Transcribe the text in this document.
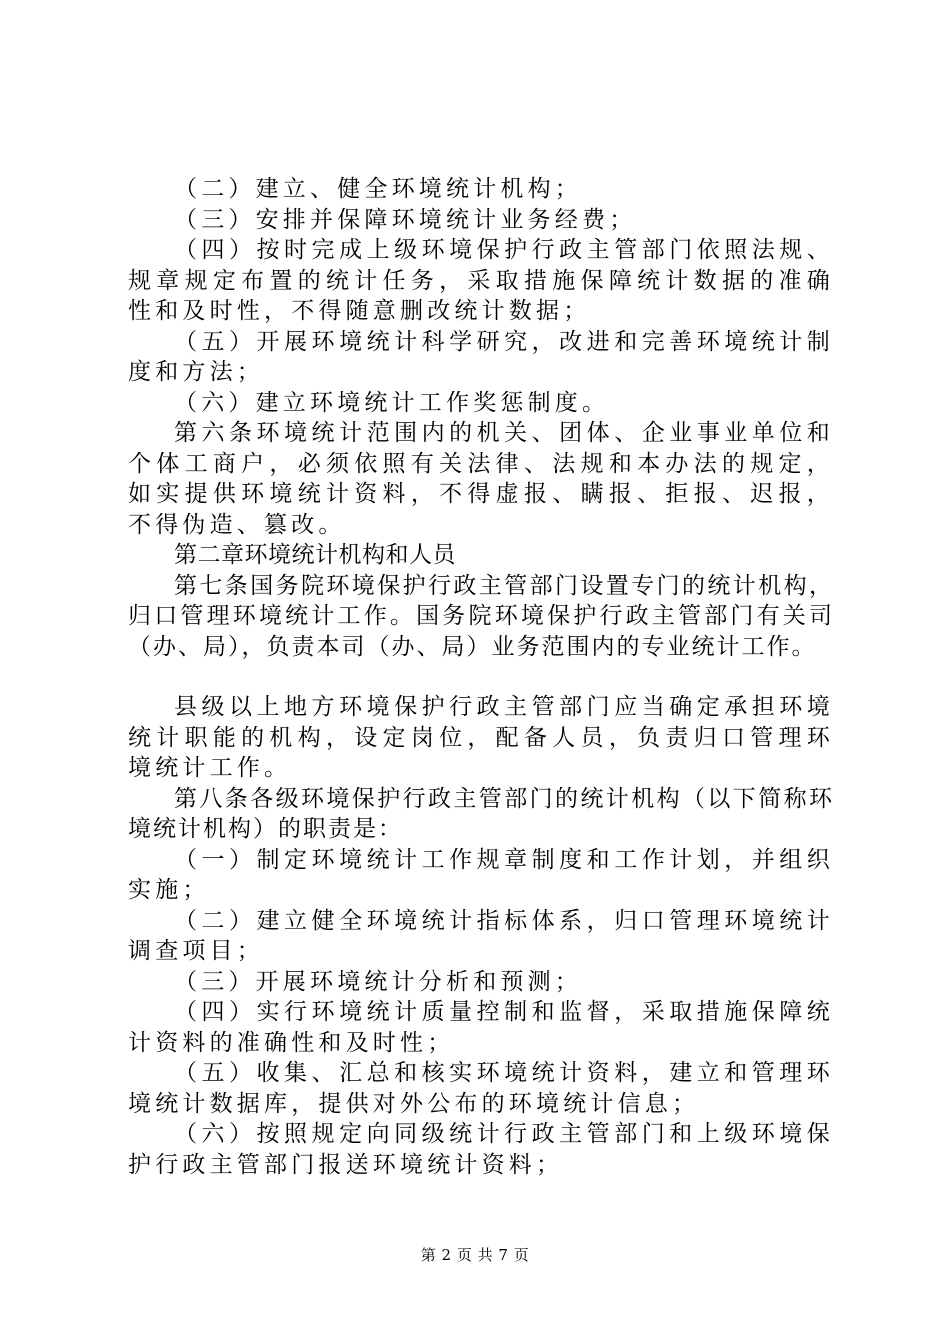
（二）建立、健全环境统计机构；

（三）安排并保障环境统计业务经费；

（四）按时完成上级环境保护行政主管部门依照法规、规章规定布置的统计任务，采取措施保障统计数据的准确性和及时性，不得随意删改统计数据；

（五）开展环境统计科学研究，改进和完善环境统计制度和方法；

（六）建立环境统计工作奖惩制度。

第六条环境统计范围内的机关、团体、企业事业单位和个体工商户，必须依照有关法律、法规和本办法的规定，如实提供环境统计资料，不得虚报、瞒报、拒报、迟报，不得伪造、篡改。

第二章环境统计机构和人员

第七条国务院环境保护行政主管部门设置专门的统计机构，归口管理环境统计工作。国务院环境保护行政主管部门有关司（办、局），负责本司（办、局）业务范围内的专业统计工作。

县级以上地方环境保护行政主管部门应当确定承担环境统计职能的机构，设定岗位，配备人员，负责归口管理环境统计工作。

第八条各级环境保护行政主管部门的统计机构（以下简称环境统计机构）的职责是：

（一）制定环境统计工作规章制度和工作计划，并组织实施；

（二）建立健全环境统计指标体系，归口管理环境统计调查项目；

（三）开展环境统计分析和预测；

（四）实行环境统计质量控制和监督，采取措施保障统计资料的准确性和及时性；

（五）收集、汇总和核实环境统计资料，建立和管理环境统计数据库，提供对外公布的环境统计信息；

（六）按照规定向同级统计行政主管部门和上级环境保护行政主管部门报送环境统计资料；

第 2 页 共 7 页
